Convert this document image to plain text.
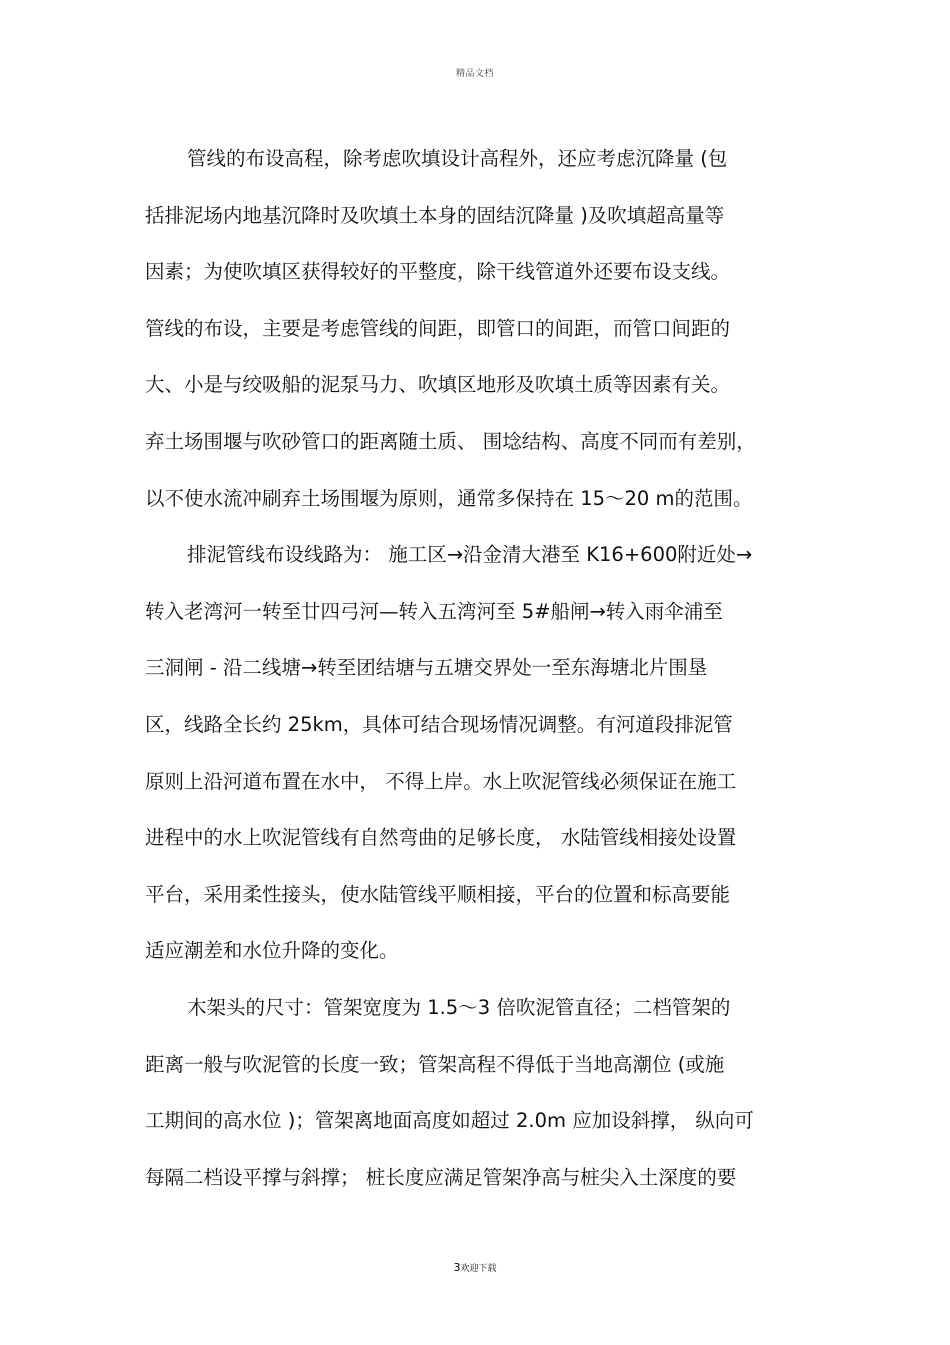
精品文档
管线的布设高程，除考虑吹填设计高程外，还应考虑沉降量 (包
括排泥场内地基沉降时及吹填土本身的固结沉降量 )及吹填超高量等
因素；为使吹填区获得较好的平整度，除干线管道外还要布设支线。
管线的布设，主要是考虑管线的间距，即管口的间距，而管口间距的
大、小是与绞吸船的泥泵马力、吹填区地形及吹填土质等因素有关。
弃土场围堰与吹砂管口的距离随土质、 围埝结构、高度不同而有差别，
以不使水流冲刷弃土场围堰为原则，通常多保持在 15～20 m的范围。
排泥管线布设线路为： 施工区→沿金清大港至 K16+600附近处→
转入老湾河一转至廿四弓河—转入五湾河至 5#船闸→转入雨伞浦至
三洞闸 - 沿二线塘→转至团结塘与五塘交界处一至东海塘北片围垦
区，线路全长约 25km，具体可结合现场情况调整。有河道段排泥管
原则上沿河道布置在水中， 不得上岸。水上吹泥管线必须保证在施工
进程中的水上吹泥管线有自然弯曲的足够长度， 水陆管线相接处设置
平台，采用柔性接头，使水陆管线平顺相接，平台的位置和标高要能
适应潮差和水位升降的变化。
木架头的尺寸：管架宽度为 1.5～3 倍吹泥管直径；二档管架的
距离一般与吹泥管的长度一致；管架高程不得低于当地高潮位 (或施
工期间的高水位 )；管架离地面高度如超过 2.0m 应加设斜撑， 纵向可
每隔二档设平撑与斜撑； 桩长度应满足管架净高与桩尖入土深度的要
3欢迎下载
